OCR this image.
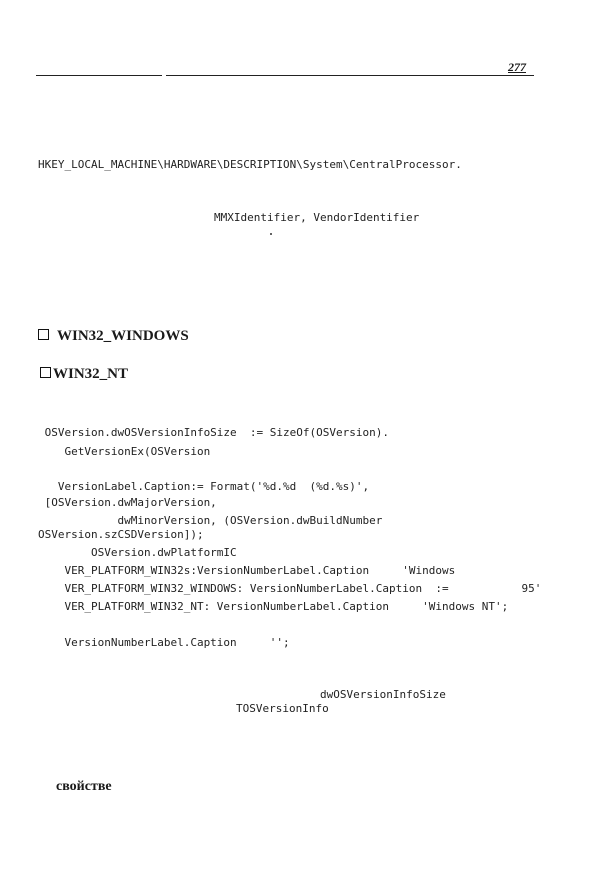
277
HKEY_LOCAL_MACHINE\HARDWARE\DESCRIPTION\System\CentralProcessor.
MMXIdentifier, VendorIdentifier
WIN32_WINDOWS
WIN32_NT
OSVersion.dwOSVersionInfoSize  := SizeOf(OSVersion).
GetVersionEx(OSVersion
VersionLabel.Caption:= Format('%d.%d  (%d.%s)',
[OSVersion.dwMajorVersion,
dwMinorVersion, (OSVersion.dwBuildNumber
OSVersion.szCSDVersion]);
OSVersion.dwPlatformIC
VER_PLATFORM_WIN32s:VersionNumberLabel.Caption     'Windows
VER_PLATFORM_WIN32_WINDOWS: VersionNumberLabel.Caption  :=           95'
VER_PLATFORM_WIN32_NT: VersionNumberLabel.Caption     'Windows NT';
VersionNumberLabel.Caption     '';
dwOSVersionInfoSize
TOSVersionInfo
свойстве
